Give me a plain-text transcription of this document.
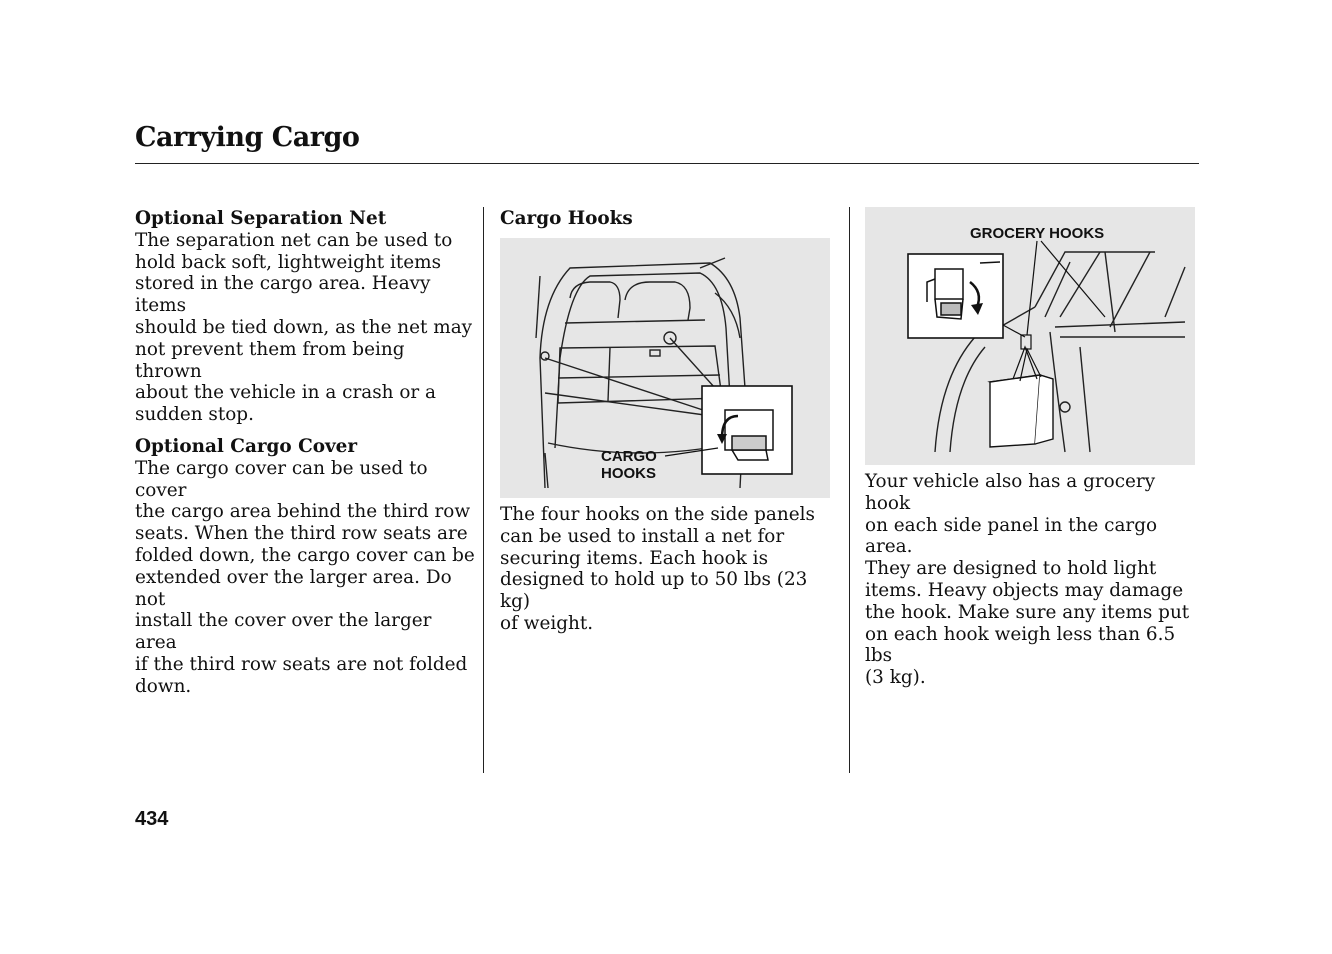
Carrying Cargo
Optional Separation Net
The separation net can be used to
hold back soft, lightweight items
stored in the cargo area. Heavy items
should be tied down, as the net may
not prevent them from being thrown
about the vehicle in a crash or a
sudden stop.
Optional Cargo Cover
The cargo cover can be used to cover
the cargo area behind the third row
seats. When the third row seats are
folded down, the cargo cover can be
extended over the larger area. Do not
install the cover over the larger area
if the third row seats are not folded
down.
Cargo Hooks
CARGO
HOOKS
The four hooks on the side panels
can be used to install a net for
securing items. Each hook is
designed to hold up to 50 lbs (23 kg)
of weight.
GROCERY HOOKS
Your vehicle also has a grocery hook
on each side panel in the cargo area.
They are designed to hold light
items. Heavy objects may damage
the hook. Make sure any items put
on each hook weigh less than 6.5 lbs
(3 kg).
434
